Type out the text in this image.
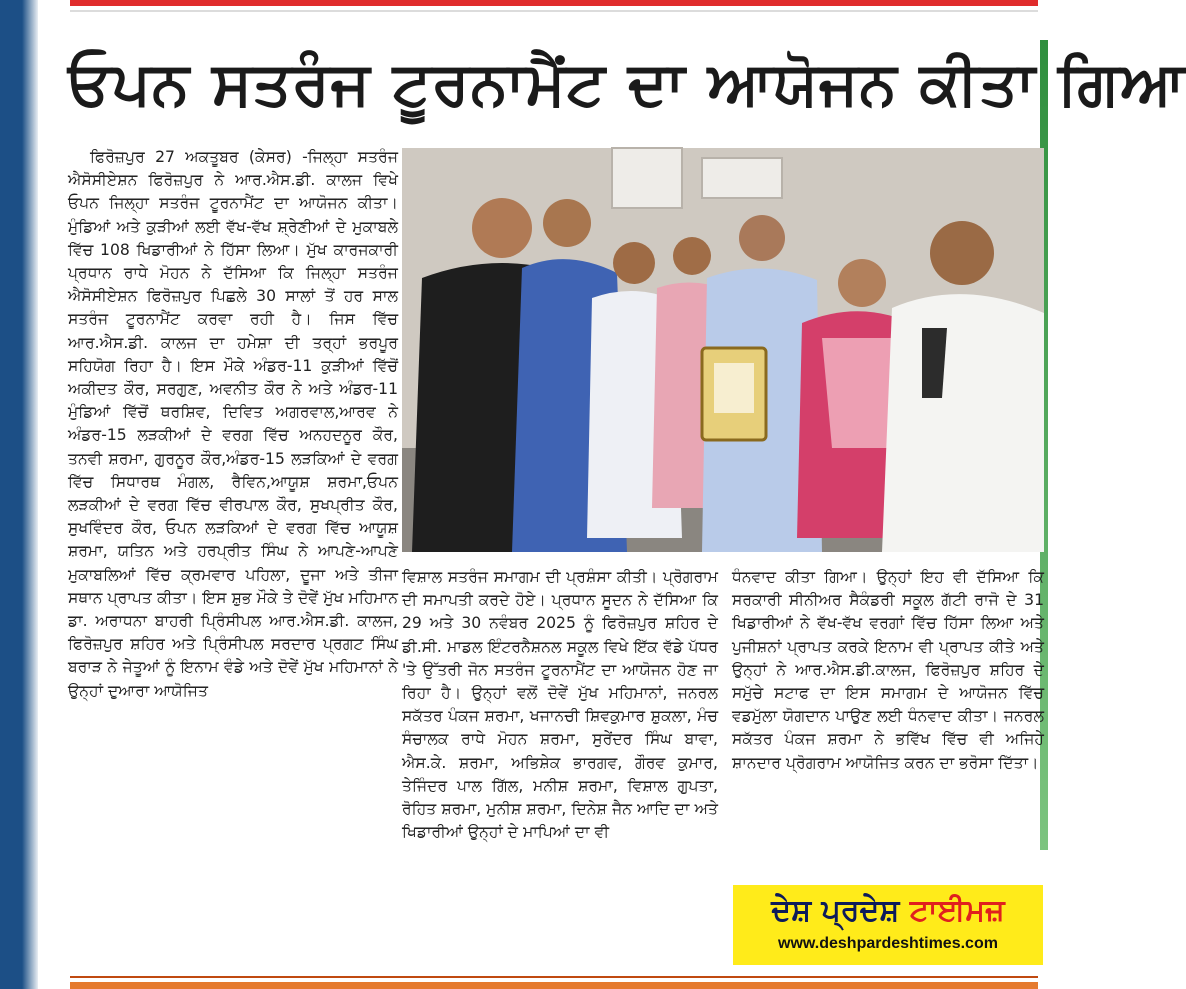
ਓਪਨ ਸਤਰੰਜ ਟੂਰਨਾਮੈਂਟ ਦਾ ਆਯੋਜਨ ਕੀਤਾ ਗਿਆ

ਫਿਰੋਜ਼ਪੁਰ 27 ਅਕਤੂਬਰ (ਕੇਸਰ) -ਜਿਲ੍ਹਾ ਸਤਰੰਜ ਐਸੋਸੀਏਸ਼ਨ ਫਿਰੋਜ਼ਪੁਰ ਨੇ ਆਰ.ਐਸ.ਡੀ. ਕਾਲਜ ਵਿਖੇ ਓਪਨ ਜਿਲ੍ਹਾ ਸਤਰੰਜ ਟੂਰਨਾਮੈਂਟ ਦਾ ਆਯੋਜਨ ਕੀਤਾ। ਮੁੰਡਿਆਂ ਅਤੇ ਕੁੜੀਆਂ ਲਈ ਵੱਖ-ਵੱਖ ਸ਼੍ਰੇਣੀਆਂ ਦੇ ਮੁਕਾਬਲੇ ਵਿੱਚ 108 ਖਿਡਾਰੀਆਂ ਨੇ ਹਿੱਸਾ ਲਿਆ। ਮੁੱਖ ਕਾਰਜਕਾਰੀ ਪ੍ਰਧਾਨ ਰਾਧੇ ਮੋਹਨ ਨੇ ਦੱਸਿਆ ਕਿ ਜਿਲ੍ਹਾ ਸਤਰੰਜ ਐਸੋਸੀਏਸ਼ਨ ਫਿਰੋਜ਼ਪੁਰ ਪਿਛਲੇ 30 ਸਾਲਾਂ ਤੋਂ ਹਰ ਸਾਲ ਸਤਰੰਜ ਟੂਰਨਾਮੈਂਟ ਕਰਵਾ ਰਹੀ ਹੈ। ਜਿਸ ਵਿੱਚ ਆਰ.ਐਸ.ਡੀ. ਕਾਲਜ ਦਾ ਹਮੇਸ਼ਾ ਦੀ ਤਰ੍ਹਾਂ ਭਰਪੂਰ ਸਹਿਯੋਗ ਰਿਹਾ ਹੈ। ਇਸ ਮੌਕੇ ਅੰਡਰ-11 ਕੁੜੀਆਂ ਵਿੱਚੋਂ ਅਕੀਦਤ ਕੌਰ, ਸਰਗੁਣ, ਅਵਨੀਤ ਕੌਰ ਨੇ ਅਤੇ ਅੰਡਰ-11 ਮੁੰਡਿਆਂ ਵਿੱਚੋਂ ਥਰਸ਼ਿਵ, ਦਿਵਿਤ ਅਗਰਵਾਲ,ਆਰਵ ਨੇ ਅੰਡਰ-15 ਲੜਕੀਆਂ ਦੇ ਵਰਗ ਵਿੱਚ ਅਨਹਦਨੂਰ ਕੌਰ, ਤਨਵੀ ਸ਼ਰਮਾ, ਗੁਰਨੂਰ ਕੌਰ,ਅੰਡਰ-15 ਲੜਕਿਆਂ ਦੇ ਵਰਗ ਵਿੱਚ ਸਿਧਾਰਥ ਮੰਗਲ, ਰੈਵਿਨ,ਆਯੂਸ਼ ਸ਼ਰਮਾ,ਓਪਨ ਲੜਕੀਆਂ ਦੇ ਵਰਗ ਵਿੱਚ ਵੀਰਪਾਲ ਕੌਰ, ਸੁਖਪ੍ਰੀਤ ਕੌਰ, ਸੁਖਵਿੰਦਰ ਕੌਰ, ਓਪਨ ਲੜਕਿਆਂ ਦੇ ਵਰਗ ਵਿੱਚ ਆਯੂਸ਼ ਸ਼ਰਮਾ, ਯਤਿਨ ਅਤੇ ਹਰਪ੍ਰੀਤ ਸਿੰਘ ਨੇ ਆਪਣੇ-ਆਪਣੇ ਮੁਕਾਬਲਿਆਂ ਵਿੱਚ ਕ੍ਰਮਵਾਰ ਪਹਿਲਾ, ਦੂਜਾ ਅਤੇ ਤੀਜਾ ਸਥਾਨ ਪ੍ਰਾਪਤ ਕੀਤਾ। ਇਸ ਸ਼ੁਭ ਮੌਕੇ ਤੇ ਦੋਵੇਂ ਮੁੱਖ ਮਹਿਮਾਨ ਡਾ. ਅਰਾਧਨਾ ਬਾਹਰੀ ਪ੍ਰਿੰਸੀਪਲ ਆਰ.ਐਸ.ਡੀ. ਕਾਲਜ, ਫਿਰੋਜ਼ਪੁਰ ਸ਼ਹਿਰ ਅਤੇ ਪ੍ਰਿੰਸੀਪਲ ਸਰਦਾਰ ਪ੍ਰਗਟ ਸਿੰਘ ਬਰਾੜ ਨੇ ਜੇਤੂਆਂ ਨੂੰ ਇਨਾਮ ਵੰਡੇ ਅਤੇ ਦੋਵੇਂ ਮੁੱਖ ਮਹਿਮਾਨਾਂ ਨੇ ਉਨ੍ਹਾਂ ਦੁਆਰਾ ਆਯੋਜਿਤ

ਵਿਸ਼ਾਲ ਸਤਰੰਜ ਸਮਾਗਮ ਦੀ ਪ੍ਰਸ਼ੰਸਾ ਕੀਤੀ। ਪ੍ਰੋਗਰਾਮ ਦੀ ਸਮਾਪਤੀ ਕਰਦੇ ਹੋਏ। ਪ੍ਰਧਾਨ ਸੂਦਨ ਨੇ ਦੱਸਿਆ ਕਿ 29 ਅਤੇ 30 ਨਵੰਬਰ 2025 ਨੂੰ ਫਿਰੋਜ਼ਪੁਰ ਸ਼ਹਿਰ ਦੇ ਡੀ.ਸੀ. ਮਾਡਲ ਇੰਟਰਨੈਸ਼ਨਲ ਸਕੂਲ ਵਿਖੇ ਇੱਕ ਵੱਡੇ ਪੱਧਰ 'ਤੇ ਉੱਤਰੀ ਜੋਨ ਸਤਰੰਜ ਟੂਰਨਾਮੈਂਟ ਦਾ ਆਯੋਜਨ ਹੋਣ ਜਾ ਰਿਹਾ ਹੈ। ਉਨ੍ਹਾਂ ਵਲੋਂ ਦੋਵੇਂ ਮੁੱਖ ਮਹਿਮਾਨਾਂ, ਜਨਰਲ ਸਕੱਤਰ ਪੰਕਜ ਸ਼ਰਮਾ, ਖਜਾਨਚੀ ਸ਼ਿਵਕੁਮਾਰ ਸ਼ੁਕਲਾ, ਮੰਚ ਸੰਚਾਲਕ ਰਾਧੇ ਮੋਹਨ ਸ਼ਰਮਾ, ਸੁਰੇਂਦਰ ਸਿੰਘ ਬਾਵਾ, ਐਸ.ਕੇ. ਸ਼ਰਮਾ, ਅਭਿਸ਼ੇਕ ਭਾਰਗਵ, ਗੌਰਵ ਕੁਮਾਰ, ਤੇਜਿੰਦਰ ਪਾਲ ਗਿੱਲ, ਮਨੀਸ਼ ਸ਼ਰਮਾ, ਵਿਸ਼ਾਲ ਗੁਪਤਾ, ਰੋਹਿਤ ਸ਼ਰਮਾ, ਮੁਨੀਸ਼ ਸ਼ਰਮਾ, ਦਿਨੇਸ਼ ਜੈਨ ਆਦਿ ਦਾ ਅਤੇ ਖਿਡਾਰੀਆਂ ਉਨ੍ਹਾਂ ਦੇ ਮਾਪਿਆਂ ਦਾ ਵੀ

ਧੰਨਵਾਦ ਕੀਤਾ ਗਿਆ। ਉਨ੍ਹਾਂ ਇਹ ਵੀ ਦੱਸਿਆ ਕਿ ਸਰਕਾਰੀ ਸੀਨੀਅਰ ਸੈਕੰਡਰੀ ਸਕੂਲ ਗੱਟੀ ਰਾਜੋ ਦੇ 31 ਖਿਡਾਰੀਆਂ ਨੇ ਵੱਖ-ਵੱਖ ਵਰਗਾਂ ਵਿੱਚ ਹਿੱਸਾ ਲਿਆ ਅਤੇ ਪੁਜੀਸ਼ਨਾਂ ਪ੍ਰਾਪਤ ਕਰਕੇ ਇਨਾਮ ਵੀ ਪ੍ਰਾਪਤ ਕੀਤੇ ਅਤੇ ਉਨ੍ਹਾਂ ਨੇ ਆਰ.ਐਸ.ਡੀ.ਕਾਲਜ, ਫਿਰੋਜ਼ਪੁਰ ਸ਼ਹਿਰ ਦੇ ਸਮੁੱਚੇ ਸਟਾਫ ਦਾ ਇਸ ਸਮਾਗਮ ਦੇ ਆਯੋਜਨ ਵਿੱਚ ਵਡਮੁੱਲਾ ਯੋਗਦਾਨ ਪਾਉਣ ਲਈ ਧੰਨਵਾਦ ਕੀਤਾ। ਜਨਰਲ ਸਕੱਤਰ ਪੰਕਜ ਸ਼ਰਮਾ ਨੇ ਭਵਿੱਖ ਵਿੱਚ ਵੀ ਅਜਿਹੇ ਸ਼ਾਨਦਾਰ ਪ੍ਰੋਗਰਾਮ ਆਯੋਜਿਤ ਕਰਨ ਦਾ ਭਰੋਸਾ ਦਿੱਤਾ।

ਦੇਸ਼ ਪ੍ਰਦੇਸ਼ ਟਾਈਮਜ਼
www.deshpardeshtimes.com
